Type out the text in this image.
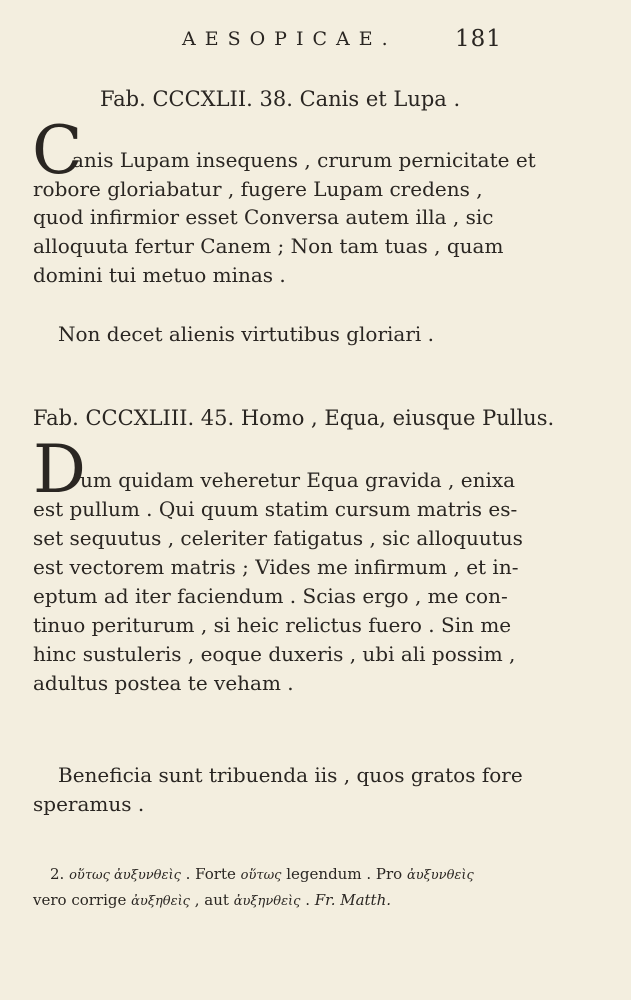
AESOPICAE.	181
Fab. CCCXLII. 38. Canis et Lupa .
C
anis Lupam insequens , crurum pernicitate et
robore gloriabatur , fugere Lupam credens ,
quod infirmior esset Conversa autem illa , sic
alloquuta fertur Canem ; Non tam tuas , quam
domini tui metuo minas .
Non decet alienis virtutibus gloriari .
Fab. CCCXLIII. 45. Homo , Equa, eiusque Pullus.
D
um quidam veheretur Equa gravida , enixa
est pullum . Qui quum statim cursum matris es-
set sequutus , celeriter fatigatus , sic alloquutus
est vectorem matris ; Vides me infirmum , et in-
eptum ad iter faciendum . Scias ergo , me con-
tinuo periturum , si heic relictus fuero . Sin me
hinc sustuleris , eoque duxeris , ubi ali possim ,
adultus postea te veham .
Beneficia sunt tribuenda iis , quos gratos fore
speramus .
2. οὕτως ἀυξυνθεὶς . Forte οὕτως legendum . Pro ἀυξυνθεὶς
vero corrige ἀυξηθεὶς , aut ἀυξηνθεὶς . Fr. Matth.
